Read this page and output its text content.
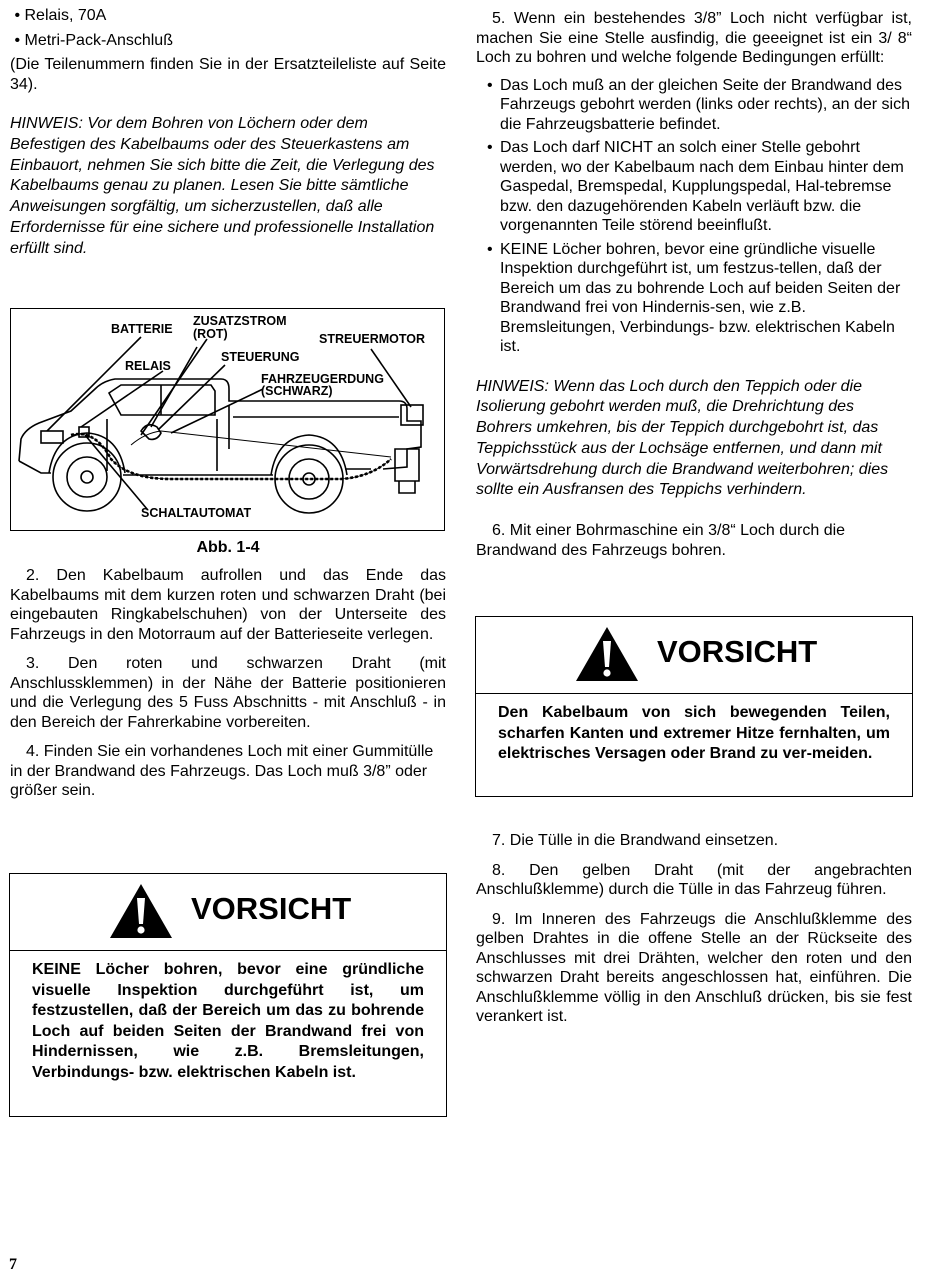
• Relais, 70A

• Metri-Pack-Anschluß

(Die Teilenummern finden Sie in der Ersatzteileliste auf Seite 34).

HINWEIS: Vor dem Bohren von Löchern oder dem Befestigen des Kabelbaums oder des Steuerkastens am Einbauort, nehmen Sie sich bitte die Zeit, die Verlegung des Kabelbaums genau zu planen. Lesen Sie bitte sämtliche Anweisungen sorgfältig, um sicherzustellen, daß alle Erfordernisse für eine sichere und professionelle Installation erfüllt sind.

BATTERIE
ZUSATZSTROM
(ROT)	STREUERMOTOR
STEUERUNG
RELAIS
FAHRZEUGERDUNG
(SCHWARZ)
SCHALTAUTOMAT
Abb. 1-4

2. Den Kabelbaum aufrollen und das Ende das Kabelbaums mit dem kurzen roten und schwarzen Draht (bei eingebauten Ringkabelschuhen) von der Unterseite des Fahrzeugs in den Motorraum auf der Batterieseite verlegen.

3. Den roten und schwarzen Draht (mit Anschlussklemmen) in der Nähe der Batterie positionieren und die Verlegung des 5 Fuss Abschnitts - mit Anschluß - in den Bereich der Fahrerkabine vorbereiten.

4. Finden Sie ein vorhandenes Loch mit einer Gummitülle in der Brandwand des Fahrzeugs. Das Loch muß 3/8” oder größer sein.

VORSICHT
KEINE Löcher bohren, bevor eine gründliche visuelle Inspektion durchgeführt ist, um festzustellen, daß der Bereich um das zu bohrende Loch auf beiden Seiten der Brandwand frei von Hindernissen, wie z.B. Bremsleitungen, Verbindungs- bzw. elektrischen Kabeln ist.

5. Wenn ein bestehendes 3/8” Loch nicht verfügbar ist, machen Sie eine Stelle ausfindig, die geeeignet ist ein 3/ 8“ Loch zu bohren und welche folgende Bedingungen erfüllt:

• Das Loch muß an der gleichen Seite der Brandwand des Fahrzeugs gebohrt werden (links oder rechts), an der sich die Fahrzeugsbatterie befindet.
• Das Loch darf NICHT an solch einer Stelle gebohrt werden, wo der Kabelbaum nach dem Einbau hinter dem Gaspedal, Bremspedal, Kupplungspedal, Hal-tebremse bzw. den dazugehörenden Kabeln verläuft bzw. die vorgenannten Teile störend beeinflußt.
• KEINE Löcher bohren, bevor eine gründliche visuelle Inspektion durchgeführt ist, um festzus-tellen, daß der Bereich um das zu bohrende Loch auf beiden Seiten der Brandwand frei von Hindernis-sen, wie z.B. Bremsleitungen, Verbindungs- bzw. elektrischen Kabeln ist.

HINWEIS: Wenn das Loch durch den Teppich oder die Isolierung gebohrt werden muß, die Drehrichtung des Bohrers umkehren, bis der Teppich durchgebohrt ist, das Teppichsstück aus der Lochsäge entfernen, und dann mit Vorwärtsdrehung durch die Brandwand weiterbohren; dies sollte ein Ausfransen des Teppichs verhindern.

6. Mit einer Bohrmaschine ein 3/8“ Loch durch die Brandwand des Fahrzeugs bohren.

VORSICHT
Den Kabelbaum von sich bewegenden Teilen, scharfen Kanten und extremer Hitze fernhalten, um elektrisches Versagen oder Brand zu ver-meiden.

7. Die Tülle in die Brandwand einsetzen.

8. Den gelben Draht (mit der angebrachten Anschlußklemme) durch die Tülle in das Fahrzeug führen.

9. Im Inneren des Fahrzeugs die Anschlußklemme des gelben Drahtes in die offene Stelle an der Rückseite des Anschlusses mit drei Drähten, welcher den roten und den schwarzen Draht bereits angeschlossen hat, einführen. Die Anschlußklemme völlig in den Anschluß drücken, bis sie fest verankert ist.

7
